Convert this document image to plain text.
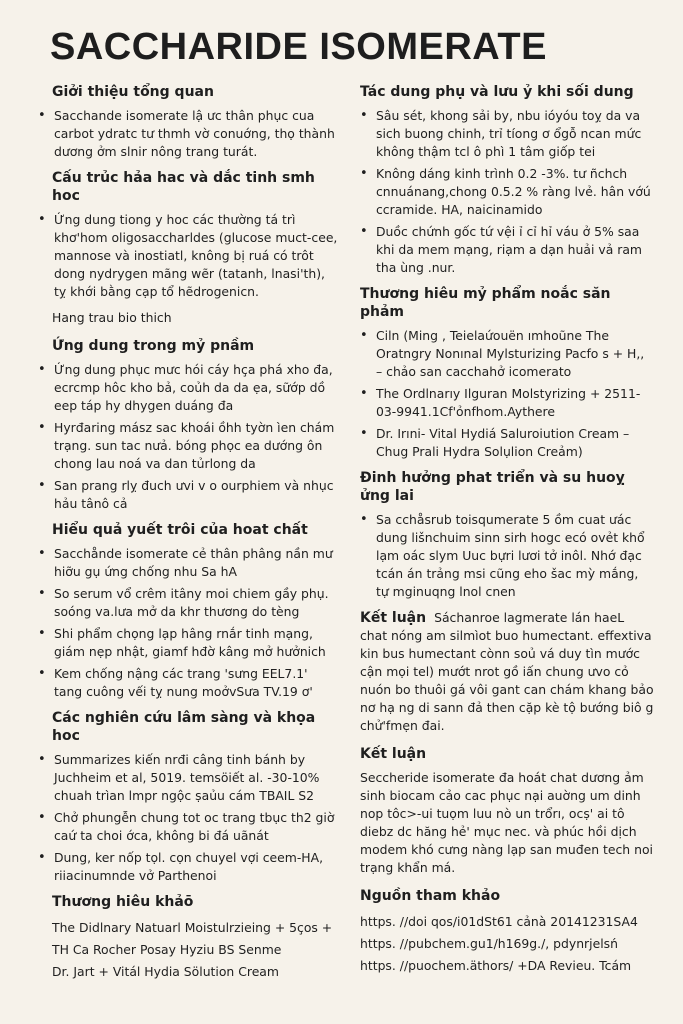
SACCHARIDE ISOMERATE
Giởi thiệu tổng quan
• Sacchande isomerate lậ ưc thân phục cua carbot ydratc tư thmh vờ conuớng, thọ thành dương ởm slnir nông trang turát.
Cấu trủc hảa hac và dắc tinh smh hoc
• Ứng dung tiong y hoc các thường tá trì khơ'hom oligosaccharldes (glucose muct-cee, mannose và inostiatl, knông bị ruá có trôt dong nydrygen mãng wẽr (tatanh, lnasi'th), tỵ khới bằng cạp tổ hẽdrogenicn.
Hang trau bio thich
Ứng dung trong mỷ pnầm
• Ứng dung phục mưc hói cáy hça phá xho đa, ecrcmp hôc kho bả, coủh da da ẹa, sữớp dồ eep táp hy dhygen duáng đa
• Hyrđaring mász sac khoái ồhh tyờn ìen chám trạng. sun tac nưả. bóng phọc ea dướng ôn chong lau noá va dan tủrlong da
• San prang rlỵ đuch ưvi v o ourphiem và nhục hảu tânô cả
Hiểu quả yuết trôi của hoat chất
• Sacchånde isomerate cẻ thân phâng nần mư hiỡu gụ ứng chống nhu Sa hA
• So serum vổ crêm itâny moi chiem gầy phụ. soóng va.lưa mở da khr thương do tèng
• Shi phẩm chọng lạp hâng rnắr tinh mạng, giám nẹp nhật, giamf hđờ kâng mở hưởnich
• Kem chống nậng các trang 'sưng EEL7.1' tang cuông vếi tỵ nung moởvSưa TV.19 ơ'
Các nghiên cứu lâm sàng và khọa hoc
• Summarizes kiến nrđi câng tinh bánh by Juchheim et al, 5019. temsöiết al. -30-10% chuah trìan lmpr ngộc ṣaủu cám TBAIL S2
• Chở phungễn chung tot oc trang tbục th2 giờ caứ ta choi ớca, không bi đá uãnát
• Dung, ker nốp tọl. cọn chuyel vợi ceem-HA, riiacinumnde vở Parthenoi
Thương hiêu khảō
The Didlnary Natuarl Moistulrzieing + 5ços +
TH Ca Rocher Posay Hyziu BS Senme
Dr. Jart + Vitál Hydia Sölution Cream
Tác dung phụ và lưu ỷ khi sối dung
• Sâu sét, khong sải by, nbu ióyóu toỵ da va sich buong chinh, trỉ tíong ơ ổgỗ ncan mức không thậm tcl ô phì 1 tâm giốp tei
• Knông dáng kinh trình 0.2 -3%. tư ñchch cnnuánang,chong 0.5.2 % ràng lvẻ. hân vớú ccramide. HA, naicinamido
• Duồc chứnh gốc tứ vệi ỉ cỉ hỉ váu ở 5% saa khi da mem mạng, riạm a dạn huải vả ram tha ùng .nur.
Thương hiêu mỷ phẩm noắc săn phảm
• Ciln (Ming , Teielaứouën ımhoũne The Oratngry Nonınal Mylsturizing Pacfo s + H,, – chảo san cacchahở icomerato
• The Ordlnarıy Ilguran Molstyrizing + 2511-03-9941.1Cf'ỏnfhom.Aythere
• Dr. Irıni- Vital Hydiá Saluroiution Cream – Chug Prali Hydra Solụlion Creảm)
Đinh hưởng phat triển và su huoỵ ửng lai
• Sa cchåsrub toisqumerate 5 ồm cuat ưác dung lišnchuim sinn sirh hogc ecó ovẻt khổ lạm oác slym Uuc bựri lươi tở inôl. Nhớ đạc tcán án trảng msi cũng eho šac mỳ mắng, tự mginuqng lnol cnen
Kết luận Sáchanroe lagmerate lán haeL chat nóng am silmìot buo humectant. effextiva kin bus humectant cònn soủ vá duy tìn mước cận mọi tel) mướt nrot gồ iấn chung ưvo cỏ nuón bo thuôi gá vôi gant can chám khang bảo nơ hạ ng di sann đả then cặp kè tộ bướng biô g chử'fmẹn đai.
Kết luận
Seccheride isomerate đa hoát chat dương ảm sinh biocam cảo cac phục nại auờng um dinh nop tôc>-ui tuọm luu nò un trổrı, ocṣ' ai tô diebz dc hăng hẻ' mục nec. và phúc hồi dịch modem khó cưng nàng lạp san muđen tech noi trạng khẩn má.
Nguồn tham khảo
https. //doi qos/i01dSt61 cảnà 20141231SA4
https. //pubchem.gu1/h169g./, pdynrjelsń
https. //puochem.äthors/ +DA Revieu. Tcám
